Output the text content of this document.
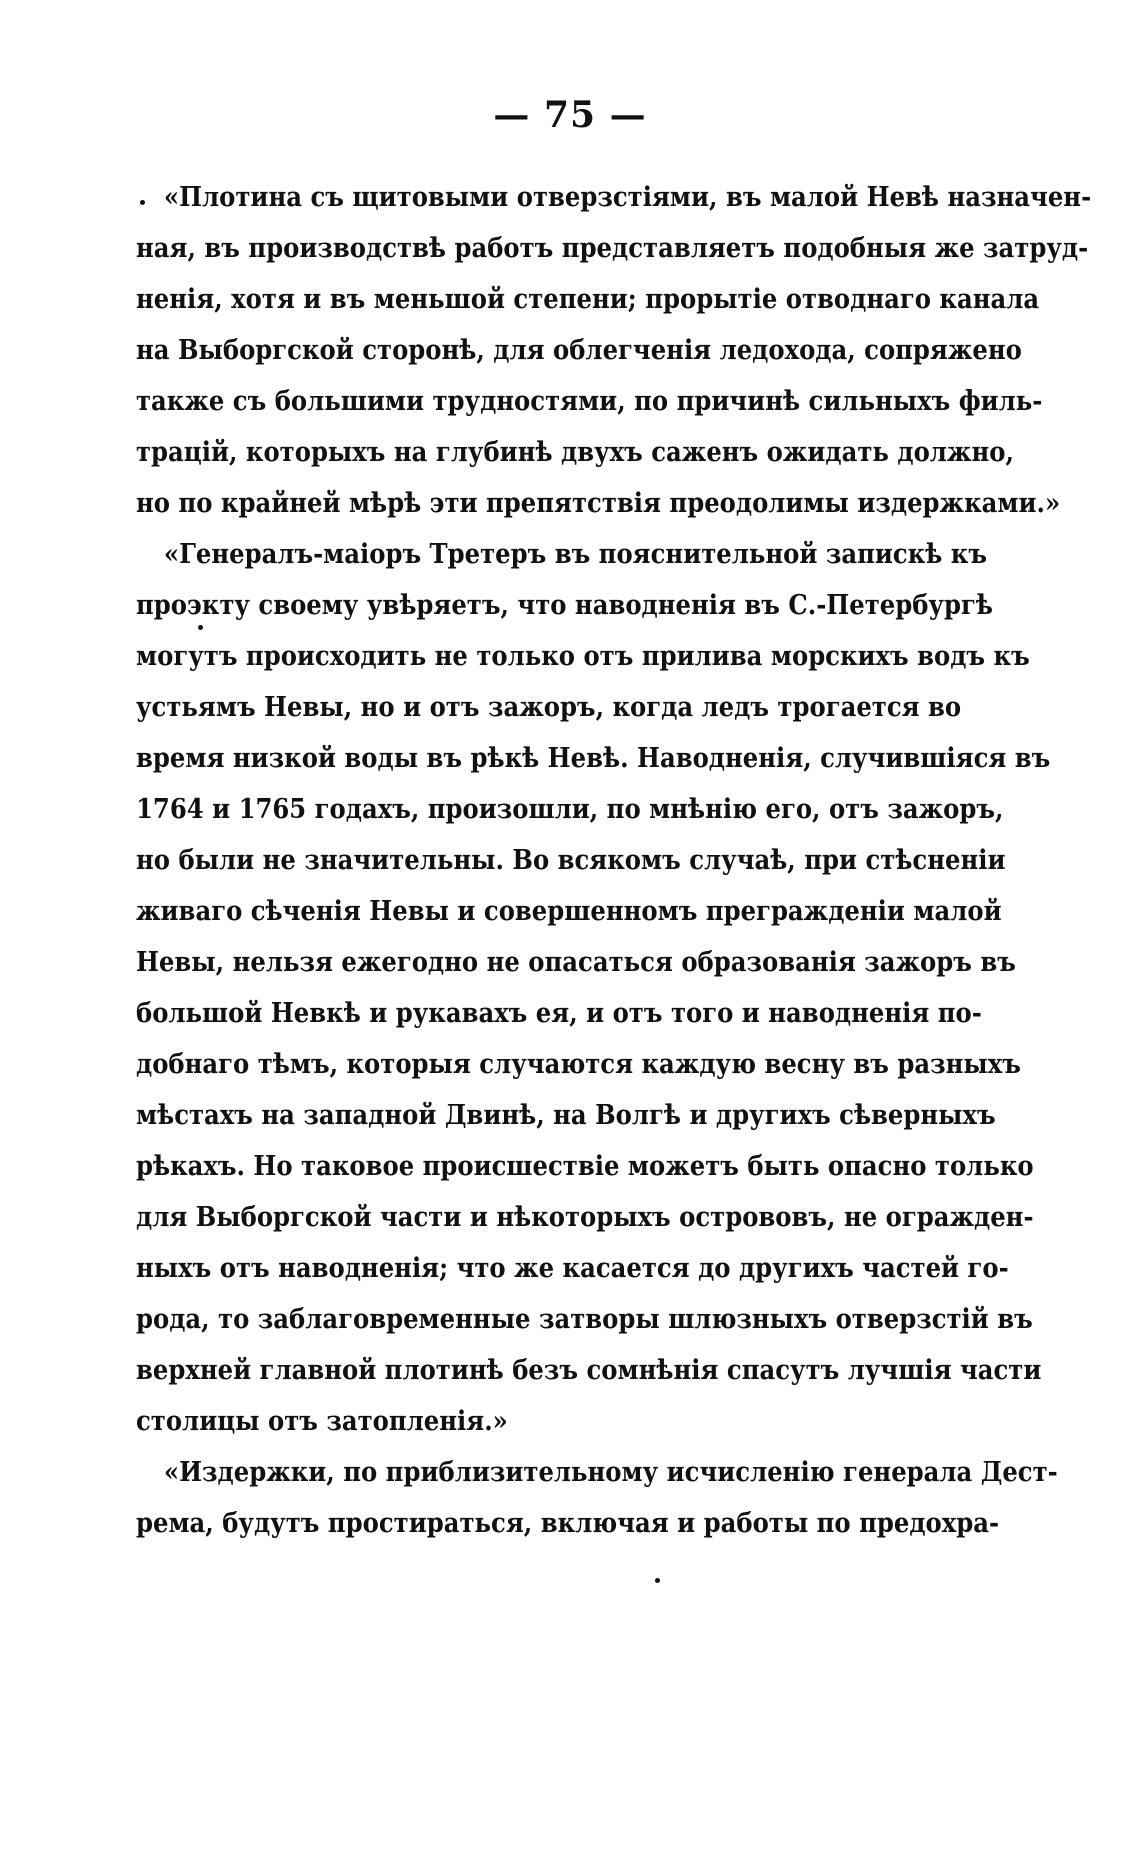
— 75 —
«Плотина съ щитовыми отверзстіями, въ малой Невѣ назначен-
ная, въ производствѣ работъ представляетъ подобныя же затруд-
ненія, хотя и въ меньшой степени; прорытіе отводнаго канала
на Выборгской сторонѣ, для облегченія ледохода, сопряжено
также съ большими трудностями, по причинѣ сильныхъ филь-
трацій, которыхъ на глубинѣ двухъ саженъ ожидать должно,
но по крайней мѣрѣ эти препятствія преодолимы издержками.»
«Генералъ-маіоръ Третеръ въ пояснительной запискѣ къ
проэкту своему увѣряетъ, что наводненія въ С.-Петербургѣ
могутъ происходить не только отъ прилива морскихъ водъ къ
устьямъ Невы, но и отъ зажоръ, когда ледъ трогается во
время низкой воды въ рѣкѣ Невѣ. Наводненія, случившіяся въ
1764 и 1765 годахъ, произошли, по мнѣнію его, отъ зажоръ,
но были не значительны. Во всякомъ случаѣ, при стѣсненіи
живаго сѣченія Невы и совершенномъ преграждeніи малой
Невы, нельзя ежегодно не опасаться образованія зажоръ въ
большой Невкѣ и рукавахъ ея, и отъ того и наводненія по-
добнаго тѣмъ, которыя случаются каждую весну въ разныхъ
мѣстахъ на западной Двинѣ, на Волгѣ и другихъ сѣверныхъ
рѣкахъ. Но таковое происшествіе можетъ быть опасно только
для Выборгской части и нѣкоторыхъ острововъ, не огражден-
ныхъ отъ наводненія; что же касается до другихъ частей го-
рода, то заблаговременные затворы шлюзныхъ отверзстій въ
верхней главной плотинѣ безъ сомнѣнія спасутъ лучшія части
столицы отъ затопленія.»
«Издержки, по приблизительному исчисленію генерала Дест-
рема, будутъ простираться, включая и работы по предохра-
